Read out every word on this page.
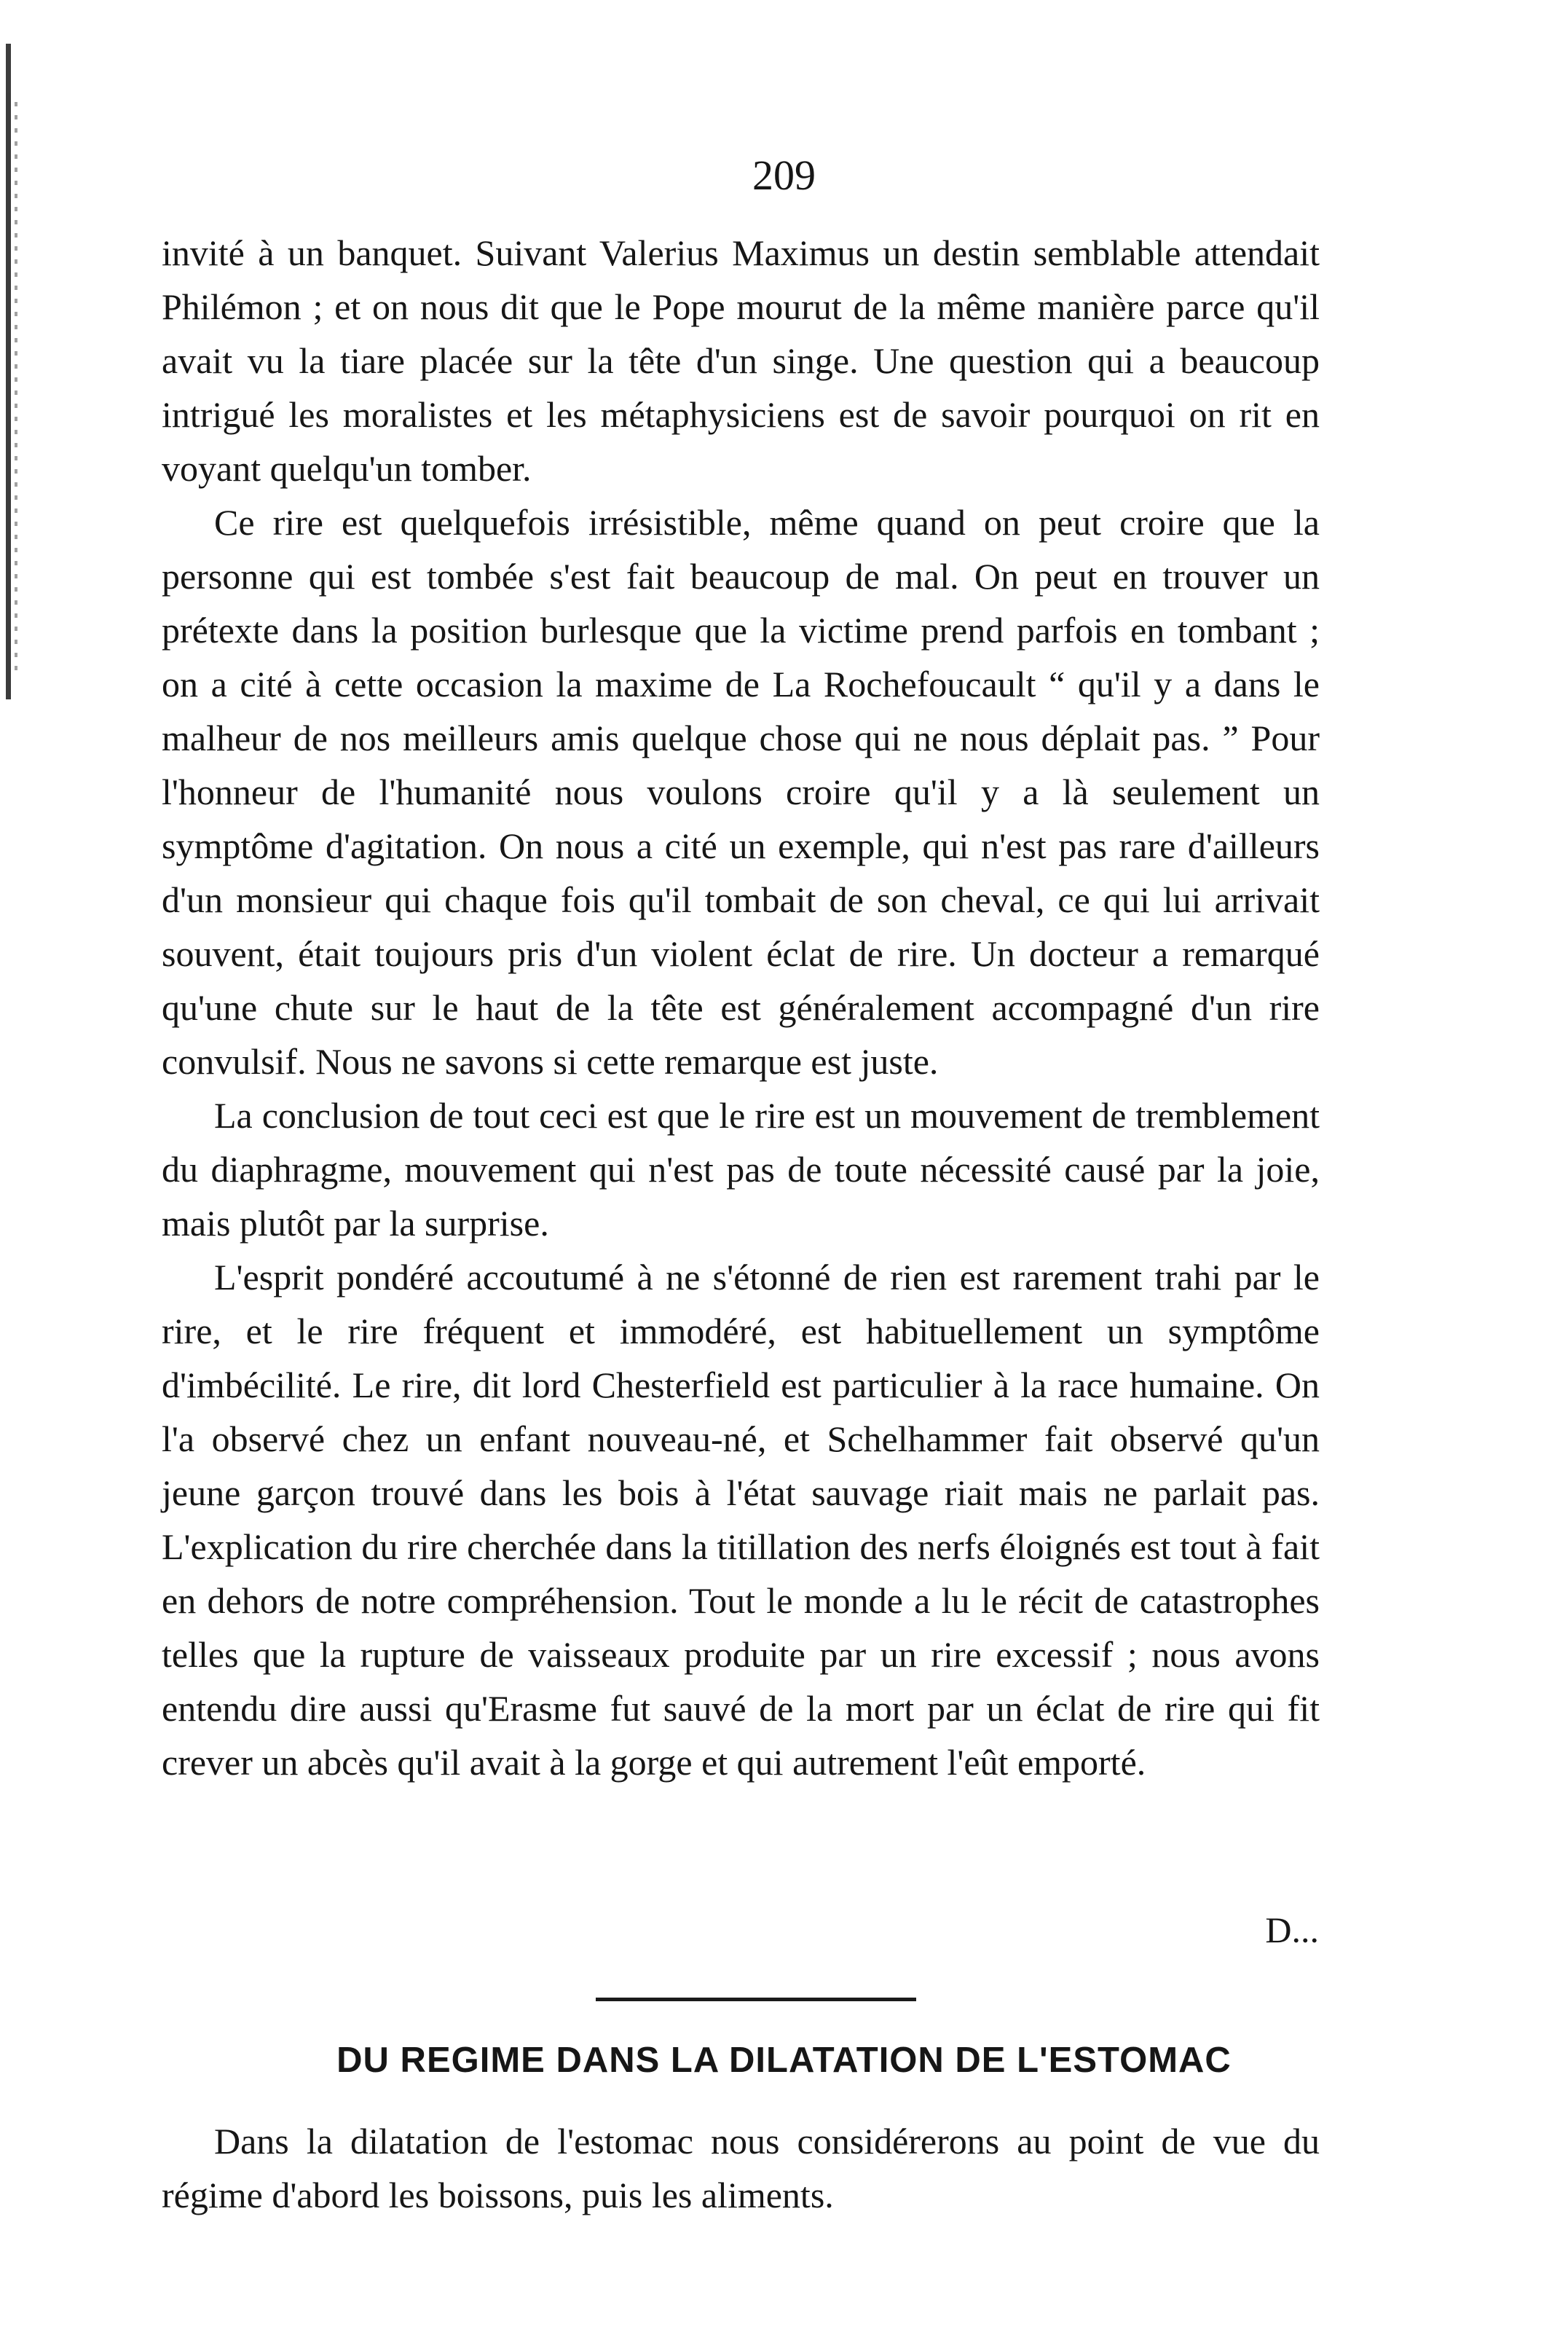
209

invité à un banquet. Suivant Valerius Maximus un destin semblable attendait Philémon ; et on nous dit que le Pope mourut de la même manière parce qu'il avait vu la tiare placée sur la tête d'un singe. Une question qui a beaucoup intrigué les moralistes et les métaphysiciens est de savoir pourquoi on rit en voyant quelqu'un tomber.

Ce rire est quelquefois irrésistible, même quand on peut croire que la personne qui est tombée s'est fait beaucoup de mal. On peut en trouver un prétexte dans la position burlesque que la victime prend parfois en tombant ; on a cité à cette occasion la maxime de La Rochefoucault “ qu'il y a dans le malheur de nos meilleurs amis quelque chose qui ne nous déplait pas. ” Pour l'honneur de l'humanité nous voulons croire qu'il y a là seulement un symptôme d'agitation. On nous a cité un exemple, qui n'est pas rare d'ailleurs d'un monsieur qui chaque fois qu'il tombait de son cheval, ce qui lui arrivait souvent, était toujours pris d'un violent éclat de rire. Un docteur a remarqué qu'une chute sur le haut de la tête est généralement accompagné d'un rire convulsif. Nous ne savons si cette remarque est juste.

La conclusion de tout ceci est que le rire est un mouvement de tremblement du diaphragme, mouvement qui n'est pas de toute nécessité causé par la joie, mais plutôt par la surprise.

L'esprit pondéré accoutumé à ne s'étonné de rien est rarement trahi par le rire, et le rire fréquent et immodéré, est habituellement un symptôme d'imbécilité. Le rire, dit lord Chesterfield est particulier à la race humaine. On l'a observé chez un enfant nouveau-né, et Schelhammer fait observé qu'un jeune garçon trouvé dans les bois à l'état sauvage riait mais ne parlait pas. L'explication du rire cherchée dans la titillation des nerfs éloignés est tout à fait en dehors de notre compréhension. Tout le monde a lu le récit de catastrophes telles que la rupture de vaisseaux produite par un rire excessif ; nous avons entendu dire aussi qu'Erasme fut sauvé de la mort par un éclat de rire qui fit crever un abcès qu'il avait à la gorge et qui autrement l'eût emporté.

D...
DU REGIME DANS LA DILATATION DE L'ESTOMAC

Dans la dilatation de l'estomac nous considérerons au point de vue du régime d'abord les boissons, puis les aliments.
